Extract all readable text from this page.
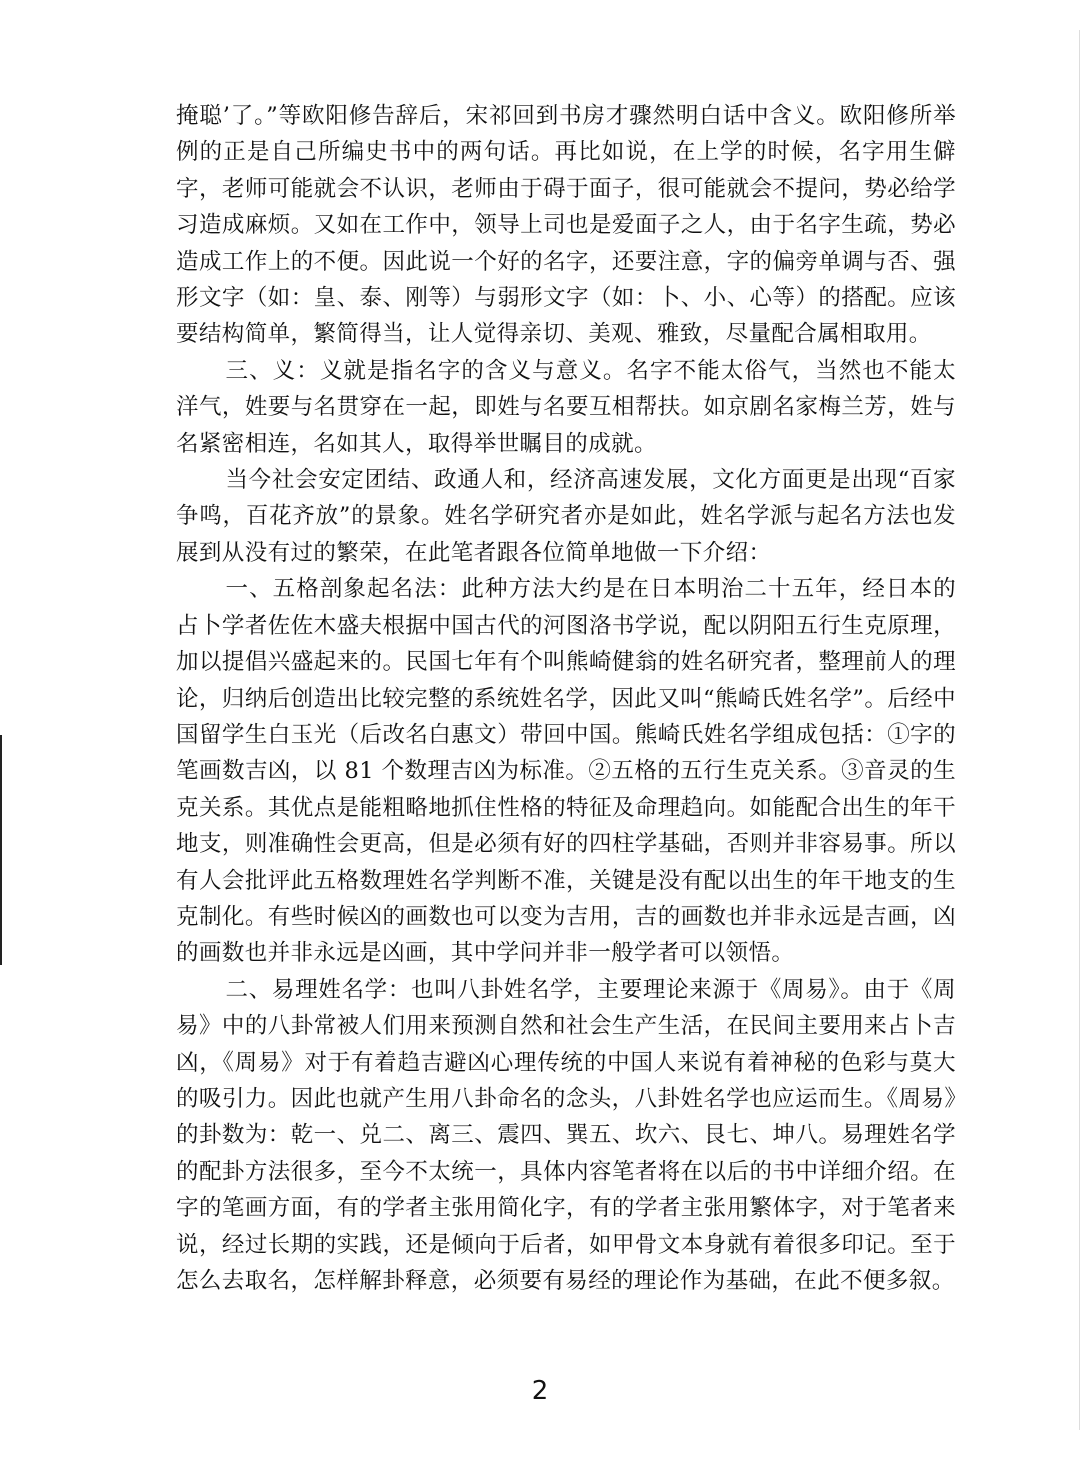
掩聪’了。”等欧阳修告辞后，宋祁回到书房才骤然明白话中含义。欧阳修所举例的正是自己所编史书中的两句话。再比如说，在上学的时候，名字用生僻字，老师可能就会不认识，老师由于碍于面子，很可能就会不提问，势必给学习造成麻烦。又如在工作中，领导上司也是爱面子之人，由于名字生疏，势必造成工作上的不便。因此说一个好的名字，还要注意，字的偏旁单调与否、强形文字（如：皇、泰、刚等）与弱形文字（如：卜、小、心等）的搭配。应该要结构简单，繁简得当，让人觉得亲切、美观、雅致，尽量配合属相取用。

三、义：义就是指名字的含义与意义。名字不能太俗气，当然也不能太洋气，姓要与名贯穿在一起，即姓与名要互相帮扶。如京剧名家梅兰芳，姓与名紧密相连，名如其人，取得举世瞩目的成就。

当今社会安定团结、政通人和，经济高速发展，文化方面更是出现“百家争鸣，百花齐放”的景象。姓名学研究者亦是如此，姓名学派与起名方法也发展到从没有过的繁荣，在此笔者跟各位简单地做一下介绍：

一、五格剖象起名法：此种方法大约是在日本明治二十五年，经日本的占卜学者佐佐木盛夫根据中国古代的河图洛书学说，配以阴阳五行生克原理，加以提倡兴盛起来的。民国七年有个叫熊崎健翁的姓名研究者，整理前人的理论，归纳后创造出比较完整的系统姓名学，因此又叫“熊崎氏姓名学”。后经中国留学生白玉光（后改名白惠文）带回中国。熊崎氏姓名学组成包括：①字的笔画数吉凶，以 81 个数理吉凶为标准。②五格的五行生克关系。③音灵的生克关系。其优点是能粗略地抓住性格的特征及命理趋向。如能配合出生的年干地支，则准确性会更高，但是必须有好的四柱学基础，否则并非容易事。所以有人会批评此五格数理姓名学判断不准，关键是没有配以出生的年干地支的生克制化。有些时候凶的画数也可以变为吉用，吉的画数也并非永远是吉画，凶的画数也并非永远是凶画，其中学问并非一般学者可以领悟。

二、易理姓名学：也叫八卦姓名学，主要理论来源于《周易》。由于《周易》中的八卦常被人们用来预测自然和社会生产生活，在民间主要用来占卜吉凶，《周易》对于有着趋吉避凶心理传统的中国人来说有着神秘的色彩与莫大的吸引力。因此也就产生用八卦命名的念头，八卦姓名学也应运而生。《周易》的卦数为：乾一、兑二、离三、震四、巽五、坎六、艮七、坤八。易理姓名学的配卦方法很多，至今不太统一，具体内容笔者将在以后的书中详细介绍。在字的笔画方面，有的学者主张用简化字，有的学者主张用繁体字，对于笔者来说，经过长期的实践，还是倾向于后者，如甲骨文本身就有着很多印记。至于怎么去取名，怎样解卦释意，必须要有易经的理论作为基础，在此不便多叙。

2
